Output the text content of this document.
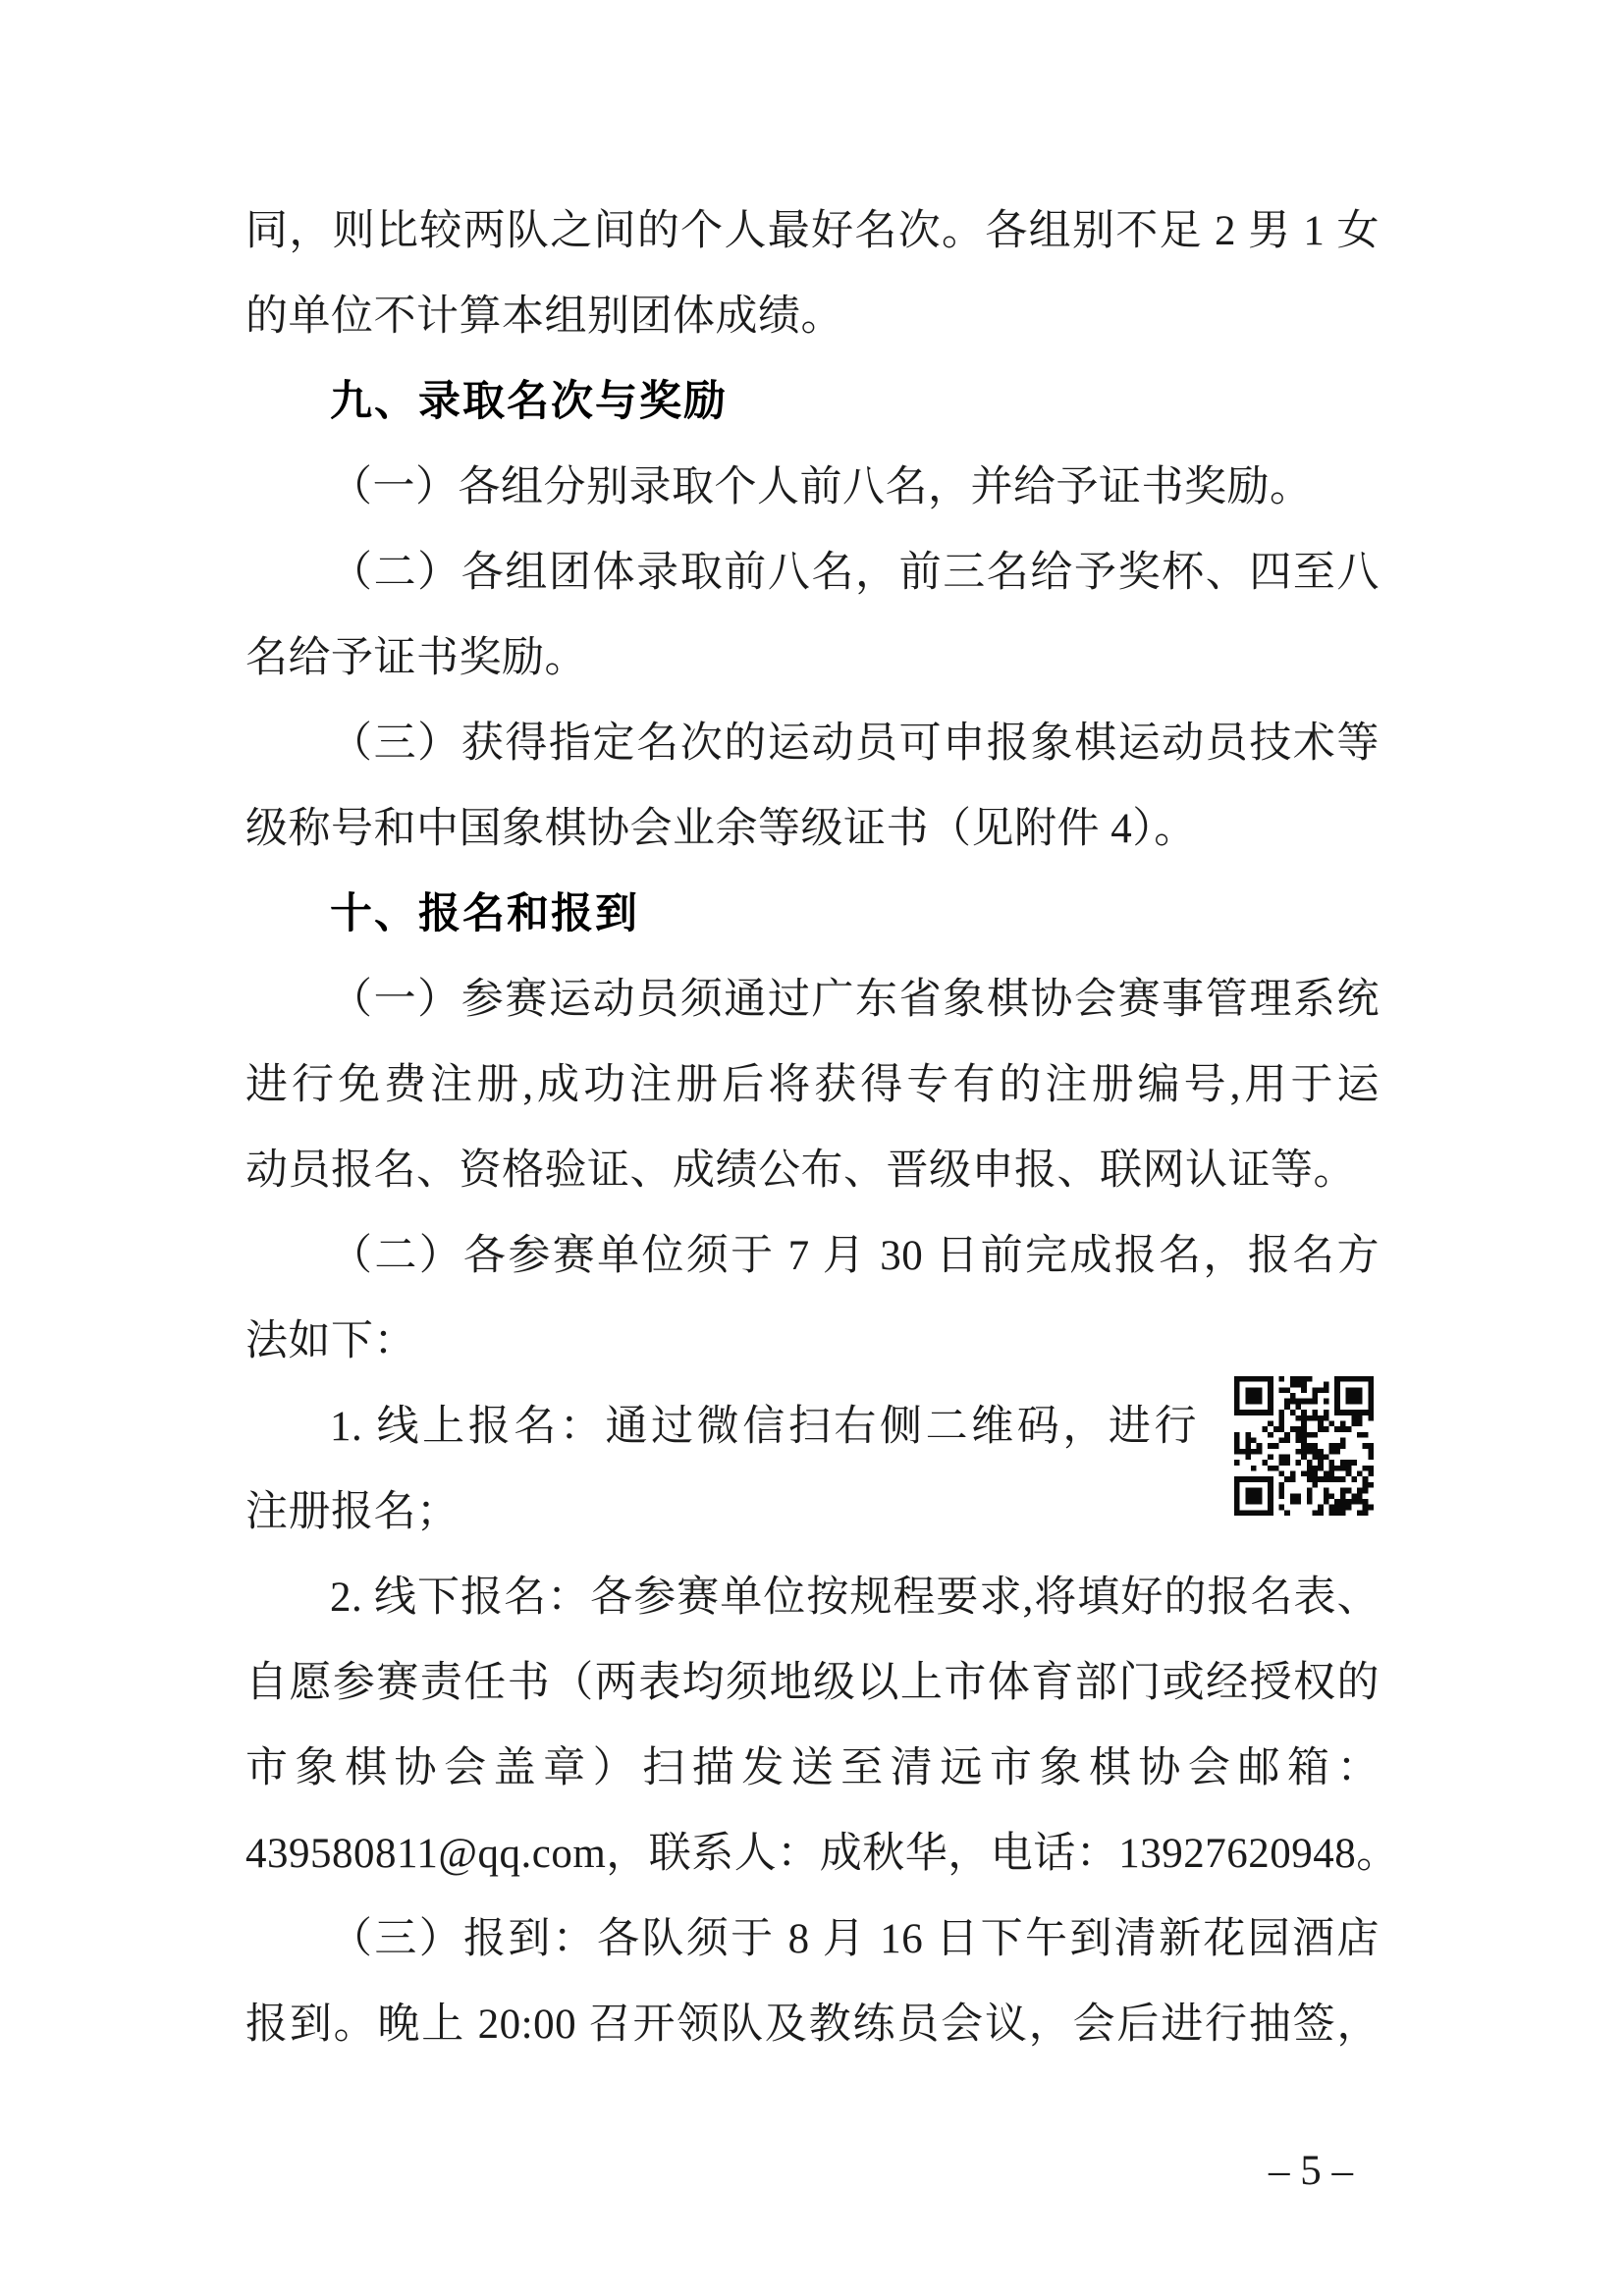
同，则比较两队之间的个人最好名次。各组别不足 2 男 1 女
的单位不计算本组别团体成绩。
九、录取名次与奖励
（一）各组分别录取个人前八名，并给予证书奖励。
（二）各组团体录取前八名，前三名给予奖杯、四至八
名给予证书奖励。
（三）获得指定名次的运动员可申报象棋运动员技术等
级称号和中国象棋协会业余等级证书（见附件 4）。
十、报名和报到
（一）参赛运动员须通过广东省象棋协会赛事管理系统
进行免费注册,成功注册后将获得专有的注册编号,用于运
动员报名、资格验证、成绩公布、晋级申报、联网认证等。
（二）各参赛单位须于 7 月 30 日前完成报名，报名方
法如下：
1. 线上报名：通过微信扫右侧二维码，进行
注册报名；
2. 线下报名：各参赛单位按规程要求,将填好的报名表、
自愿参赛责任书（两表均须地级以上市体育部门或经授权的
市象棋协会盖章）扫描发送至清远市象棋协会邮箱：
439580811@qq.com，联系人：成秋华，电话：13927620948。
（三）报到：各队须于 8 月 16 日下午到清新花园酒店
报到。晚上 20:00 召开领队及教练员会议，会后进行抽签，
– 5 –
